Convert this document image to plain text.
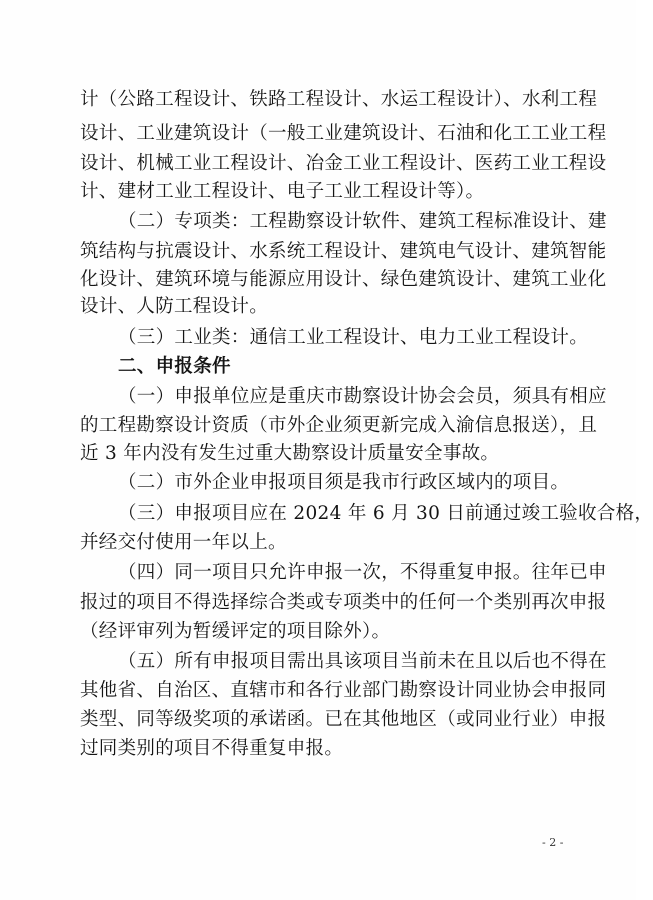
计（公路工程设计、铁路工程设计、水运工程设计）、水利工程
设计、工业建筑设计（一般工业建筑设计、石油和化工工业工程
设计、机械工业工程设计、冶金工业工程设计、医药工业工程设
计、建材工业工程设计、电子工业工程设计等）。
（二）专项类：工程勘察设计软件、建筑工程标准设计、建
筑结构与抗震设计、水系统工程设计、建筑电气设计、建筑智能
化设计、建筑环境与能源应用设计、绿色建筑设计、建筑工业化
设计、人防工程设计。
（三）工业类：通信工业工程设计、电力工业工程设计。
二、申报条件
（一）申报单位应是重庆市勘察设计协会会员，须具有相应
的工程勘察设计资质（市外企业须更新完成入渝信息报送），且
近 3 年内没有发生过重大勘察设计质量安全事故。
（二）市外企业申报项目须是我市行政区域内的项目。
（三）申报项目应在 2024 年 6 月 30 日前通过竣工验收合格，
并经交付使用一年以上。
（四）同一项目只允许申报一次，不得重复申报。往年已申
报过的项目不得选择综合类或专项类中的任何一个类别再次申报
（经评审列为暂缓评定的项目除外）。
（五）所有申报项目需出具该项目当前未在且以后也不得在
其他省、自治区、直辖市和各行业部门勘察设计同业协会申报同
类型、同等级奖项的承诺函。已在其他地区（或同业行业）申报
过同类别的项目不得重复申报。
- 2 -
